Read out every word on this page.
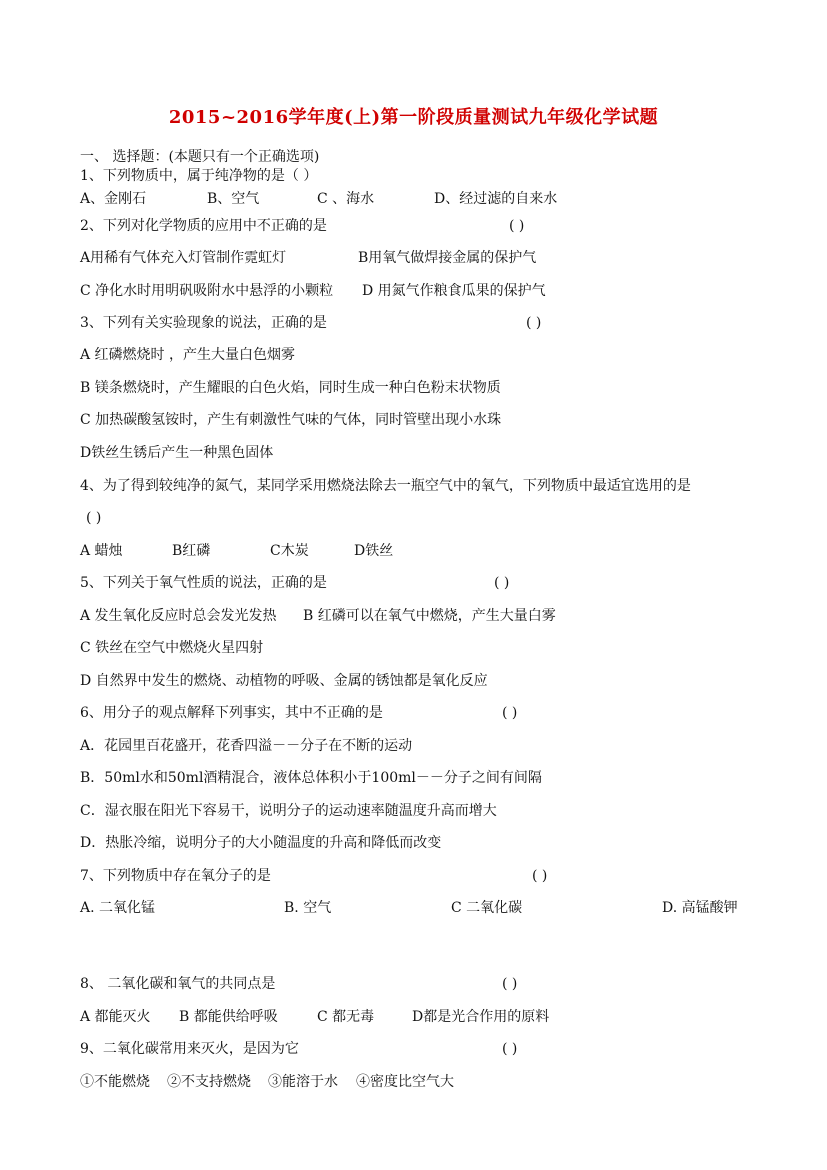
2015~2016学年度(上)第一阶段质量测试九年级化学试题
一、 选择题：(本题只有一个正确选项)
1、下列物质中，属于纯净物的是（ ）
A、金刚石	B、空气	C 、海水	D、经过滤的自来水
2、下列对化学物质的应用中不正确的是	( )
A用稀有气体充入灯管制作霓虹灯	B用氧气做焊接金属的保护气
C 净化水时用明矾吸附水中悬浮的小颗粒 D 用氮气作粮食瓜果的保护气
3、下列有关实验现象的说法，正确的是	( )
A 红磷燃烧时 ，产生大量白色烟雾
B 镁条燃烧时，产生耀眼的白色火焰，同时生成一种白色粉末状物质
C 加热碳酸氢铵时，产生有刺激性气味的气体，同时管壁出现小水珠
D铁丝生锈后产生一种黑色固体
4、为了得到较纯净的氮气，某同学采用燃烧法除去一瓶空气中的氧气，下列物质中最适宜选用的是
( )
A 蜡烛	B红磷	C木炭	D铁丝
5、下列关于氧气性质的说法，正确的是	( )
A 发生氧化反应时总会发光发热 B 红磷可以在氧气中燃烧，产生大量白雾
C 铁丝在空气中燃烧火星四射
D 自然界中发生的燃烧、动植物的呼吸、金属的锈蚀都是氧化反应
6、用分子的观点解释下列事实，其中不正确的是	( )
A．花园里百花盛开，花香四溢－－分子在不断的运动
B．50ml水和50ml酒精混合，液体总体积小于100ml－－分子之间有间隔
C．湿衣服在阳光下容易干，说明分子的运动速率随温度升高而增大
D．热胀冷缩，说明分子的大小随温度的升高和降低而改变
7、下列物质中存在氧分子的是	( )
A. 二氧化锰	B. 空气	C 二氧化碳	D. 高锰酸钾
8、 二氧化碳和氧气的共同点是	( )
A 都能灭火 B 都能供给呼吸	C 都无毒	D都是光合作用的原料
9、二氧化碳常用来灭火，是因为它	( )
①不能燃烧 ②不支持燃烧 ③能溶于水 ④密度比空气大
